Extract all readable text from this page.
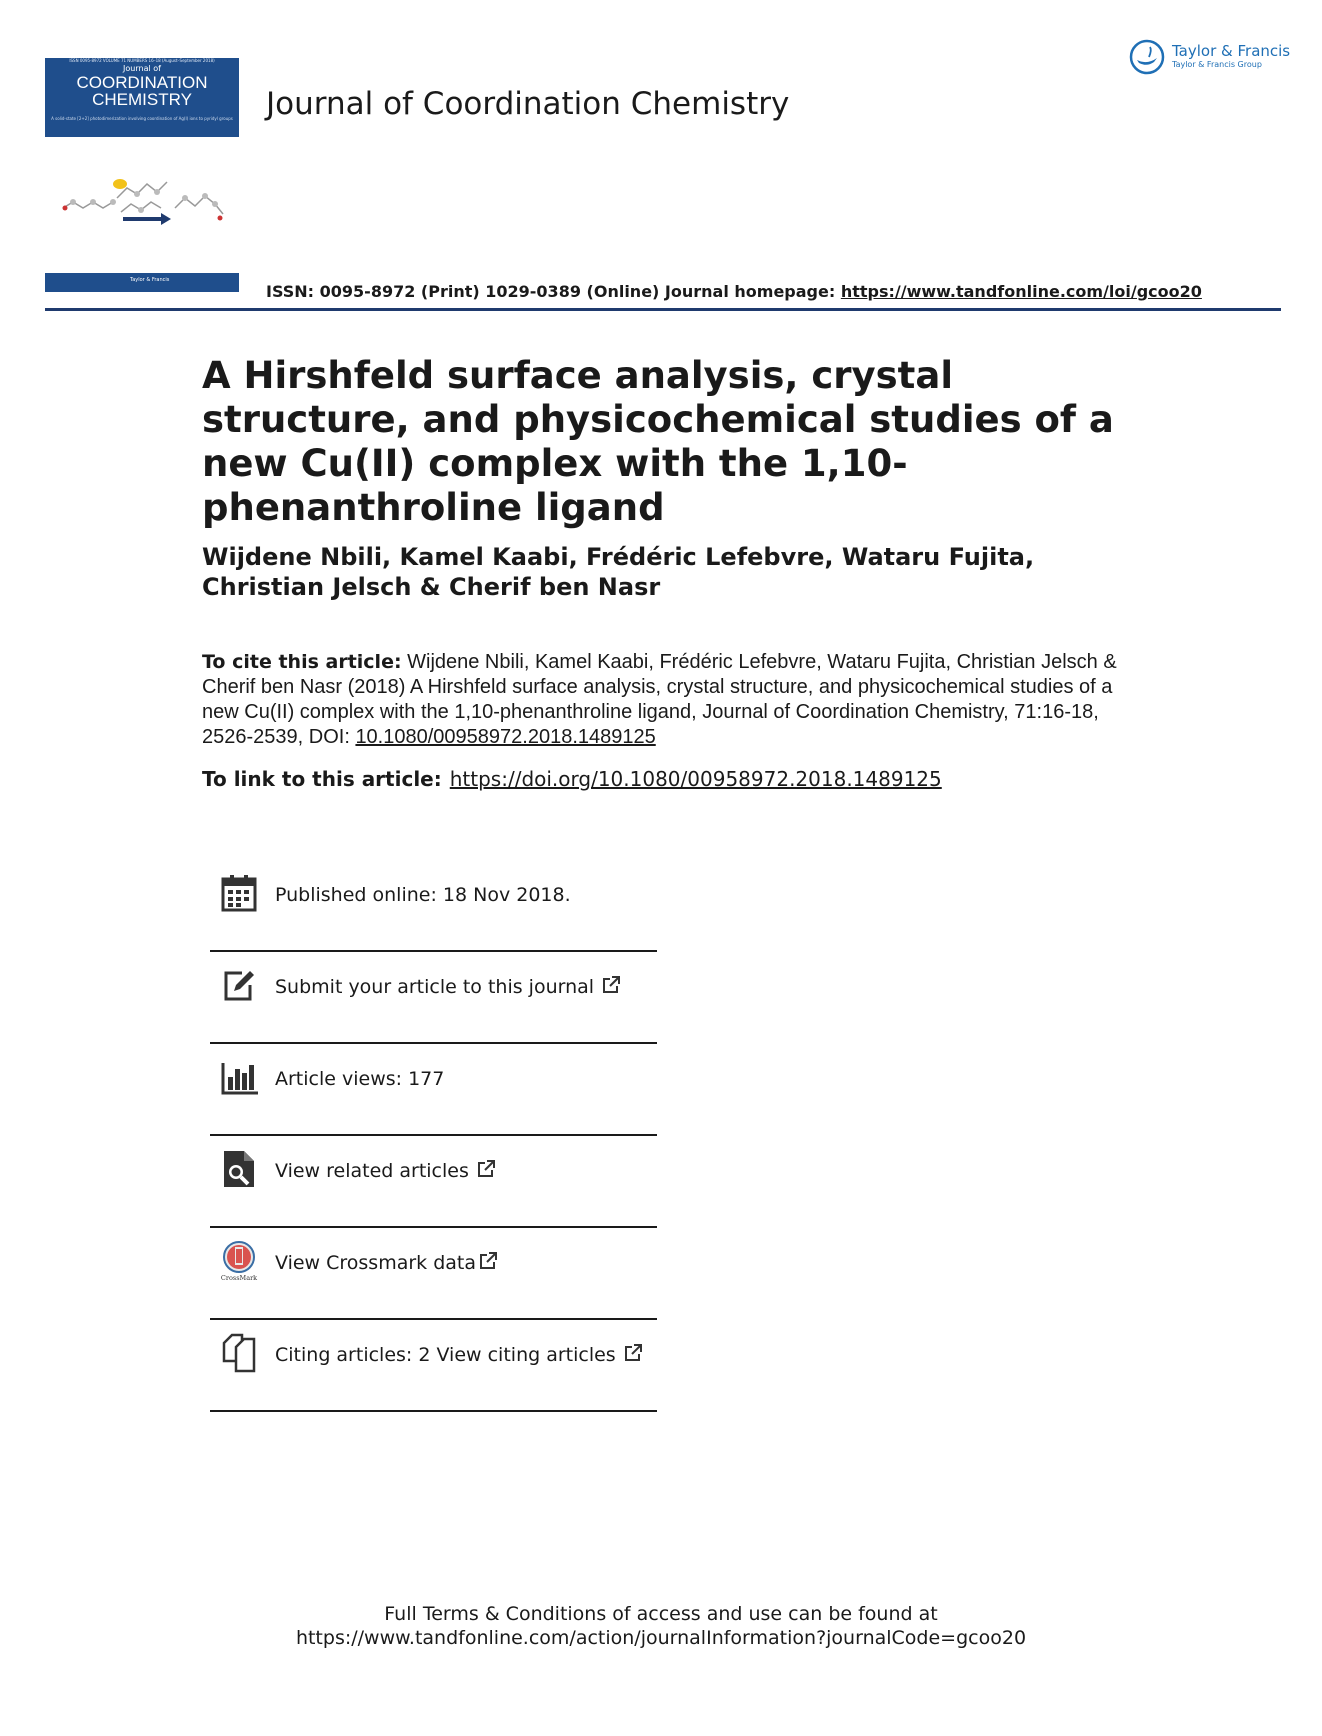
ISSN 0095-8972 VOLUME 71 NUMBERS 16–18 (August–September 2018)
Journal of
COORDINATION
CHEMISTRY
A solid-state [2+2] photodimerization involving coordination of Ag(I) ions to pyridyl groups
Taylor & Francis
Journal of Coordination Chemistry
Taylor & Francis
Taylor & Francis Group
ISSN: 0095-8972 (Print) 1029-0389 (Online) Journal homepage: https://www.tandfonline.com/loi/gcoo20
A Hirshfeld surface analysis, crystal structure, and physicochemical studies of a new Cu(II) complex with the 1,10-phenanthroline ligand
Wijdene Nbili, Kamel Kaabi, Frédéric Lefebvre, Wataru Fujita, Christian Jelsch & Cherif ben Nasr
To cite this article: Wijdene Nbili, Kamel Kaabi, Frédéric Lefebvre, Wataru Fujita, Christian Jelsch & Cherif ben Nasr (2018) A Hirshfeld surface analysis, crystal structure, and physicochemical studies of a new Cu(II) complex with the 1,10-phenanthroline ligand, Journal of Coordination Chemistry, 71:16-18, 2526-2539, DOI: 10.1080/00958972.2018.1489125
To link to this article: https://doi.org/10.1080/00958972.2018.1489125
Published online: 18 Nov 2018.
Submit your article to this journal
Article views: 177
View related articles
CrossMark
View Crossmark data
Citing articles: 2 View citing articles
Full Terms & Conditions of access and use can be found at
https://www.tandfonline.com/action/journalInformation?journalCode=gcoo20
